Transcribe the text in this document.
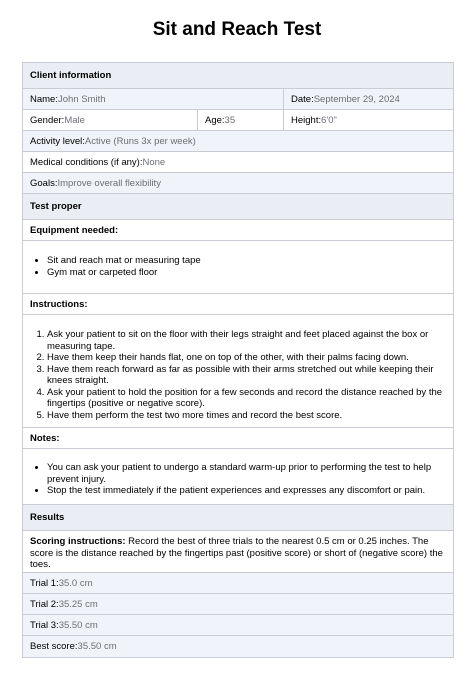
Sit and Reach Test
Client information
Name: John Smith	Date: September 29, 2024
Gender: Male	Age: 35	Height: 6'0"
Activity level: Active (Runs 3x per week)
Medical conditions (if any): None
Goals: Improve overall flexibility
Test proper
Equipment needed:
• Sit and reach mat or measuring tape
• Gym mat or carpeted floor
Instructions:
1. Ask your patient to sit on the floor with their legs straight and feet placed against the box or measuring tape.
2. Have them keep their hands flat, one on top of the other, with their palms facing down.
3. Have them reach forward as far as possible with their arms stretched out while keeping their knees straight.
4. Ask your patient to hold the position for a few seconds and record the distance reached by the fingertips (positive or negative score).
5. Have them perform the test two more times and record the best score.
Notes:
• You can ask your patient to undergo a standard warm-up prior to performing the test to help prevent injury.
• Stop the test immediately if the patient experiences and expresses any discomfort or pain.
Results
Scoring instructions: Record the best of three trials to the nearest 0.5 cm or 0.25 inches. The score is the distance reached by the fingertips past (positive score) or short of (negative score) the toes.
Trial 1: 35.0 cm
Trial 2: 35.25 cm
Trial 3: 35.50 cm
Best score: 35.50 cm
